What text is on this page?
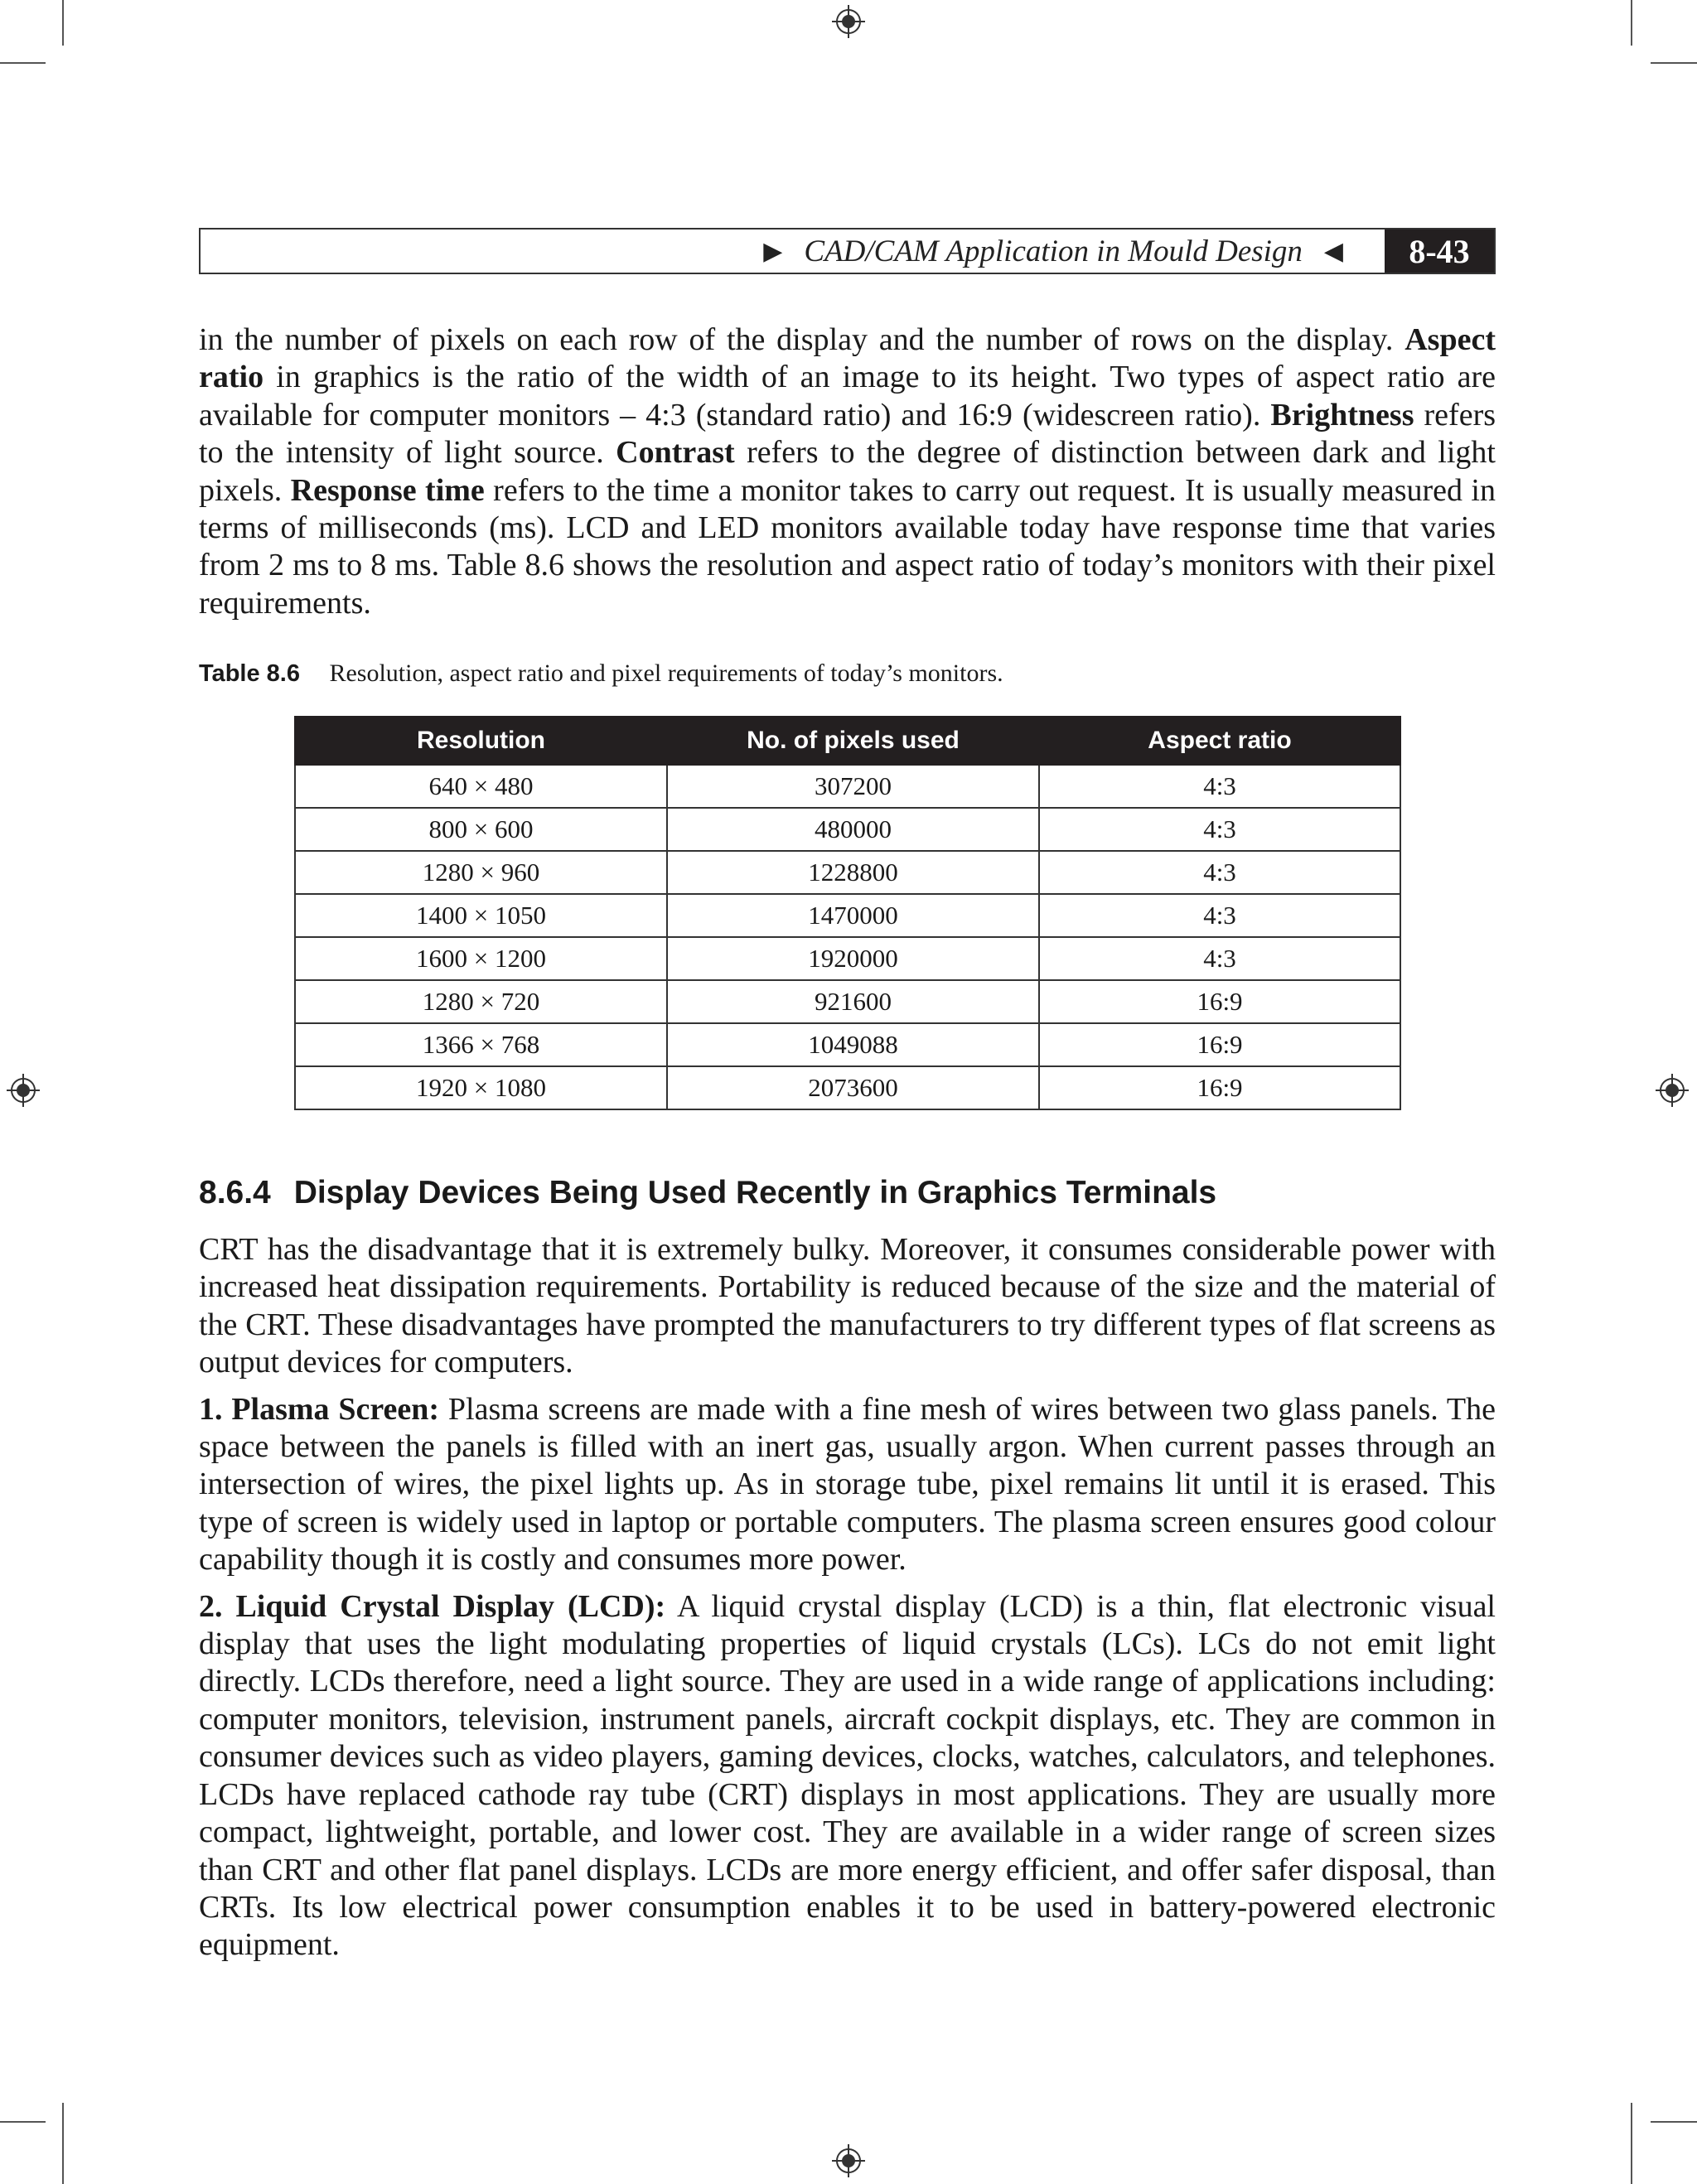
▶ CAD/CAM Application in Mould Design ◀	8-43

in the number of pixels on each row of the display and the number of rows on the display. Aspect ratio in graphics is the ratio of the width of an image to its height. Two types of aspect ratio are available for computer monitors – 4:3 (standard ratio) and 16:9 (widescreen ratio). Brightness refers to the intensity of light source. Contrast refers to the degree of distinction between dark and light pixels. Response time refers to the time a monitor takes to carry out request. It is usually measured in terms of milliseconds (ms). LCD and LED monitors available today have response time that varies from 2 ms to 8 ms. Table 8.6 shows the resolution and aspect ratio of today’s monitors with their pixel requirements.

Table 8.6 Resolution, aspect ratio and pixel requirements of today’s monitors.
Resolution	No. of pixels used	Aspect ratio
640 × 480	307200	4:3
800 × 600	480000	4:3
1280 × 960	1228800	4:3
1400 × 1050	1470000	4:3
1600 × 1200	1920000	4:3
1280 × 720	921600	16:9
1366 × 768	1049088	16:9
1920 × 1080	2073600	16:9
8.6.4 Display Devices Being Used Recently in Graphics Terminals

CRT has the disadvantage that it is extremely bulky. Moreover, it consumes considerable power with increased heat dissipation requirements. Portability is reduced because of the size and the material of the CRT. These disadvantages have prompted the manufacturers to try different types of flat screens as output devices for computers.

1. Plasma Screen: Plasma screens are made with a fine mesh of wires between two glass panels. The space between the panels is filled with an inert gas, usually argon. When current passes through an intersection of wires, the pixel lights up. As in storage tube, pixel remains lit until it is erased. This type of screen is widely used in laptop or portable computers. The plasma screen ensures good colour capability though it is costly and consumes more power.

2. Liquid Crystal Display (LCD): A liquid crystal display (LCD) is a thin, flat electronic visual display that uses the light modulating properties of liquid crystals (LCs). LCs do not emit light directly. LCDs therefore, need a light source. They are used in a wide range of applications including: computer monitors, television, instrument panels, aircraft cockpit displays, etc. They are common in consumer devices such as video players, gaming devices, clocks, watches, calculators, and telephones. LCDs have replaced cathode ray tube (CRT) displays in most applications. They are usually more compact, lightweight, portable, and lower cost. They are available in a wider range of screen sizes than CRT and other flat panel displays. LCDs are more energy efficient, and offer safer disposal, than CRTs. Its low electrical power consumption enables it to be used in battery-powered electronic equipment.
